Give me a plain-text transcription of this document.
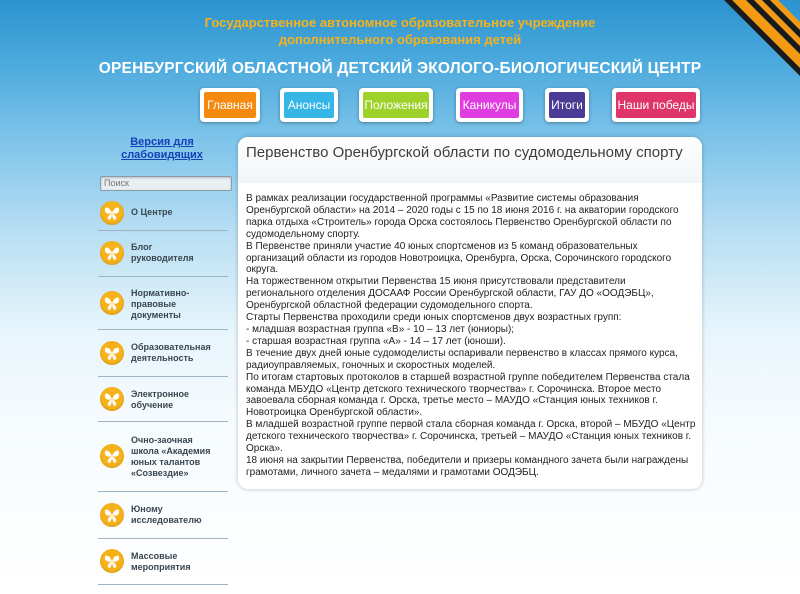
Государственное автономное образовательное учреждение
дополнительного образования детей
ОРЕНБУРГСКИЙ ОБЛАСТНОЙ ДЕТСКИЙ ЭКОЛОГО-БИОЛОГИЧЕСКИЙ ЦЕНТР
Главная	Анонсы	Положения	Каникулы	Итоги	Наши победы
Версия для слабовидящих
Поиск
О Центре
Блог руководителя
Нормативно-правовые документы
Образовательная деятельность
Электронное обучение
Очно-заочная школа «Академия юных талантов «Созвездие»
Юному исследователю
Массовые мероприятия
Первенство Оренбургской области по судомодельному спорту

В рамках реализации государственной программы «Развитие системы образования Оренбургской области» на 2014 – 2020 годы с 15 по 18 июня 2016 г. на акватории городского парка отдыха «Строитель» города Орска состоялось Первенство Оренбургской области по судомодельному спорту.

В Первенстве приняли участие 40 юных спортсменов из 5 команд образовательных организаций области из городов Новотроицка, Оренбурга, Орска, Сорочинского городского округа.

На торжественном открытии Первенства 15 июня присутствовали представители регионального отделения ДОСААФ России Оренбургской области, ГАУ ДО «ООДЭБЦ», Оренбургской областной федерации судомодельного спорта.

Старты Первенства проходили среди юных спортсменов двух возрастных групп:

- младшая возрастная группа «В» - 10 – 13 лет (юниоры);

- старшая возрастная группа «А» - 14 – 17 лет (юноши).

В течение двух дней юные судомоделисты оспаривали первенство в классах прямого курса, радиоуправляемых, гоночных и скоростных моделей.

По итогам стартовых протоколов в старшей возрастной группе победителем Первенства стала команда МБУДО «Центр детского технического творчества» г. Сорочинска. Второе место завоевала сборная команда г. Орска, третье место – МАУДО «Станция юных техников г. Новотроицка Оренбургской области».

В младшей возрастной группе первой стала сборная команда г. Орска, второй – МБУДО «Центр детского технического творчества» г. Сорочинска, третьей – МАУДО «Станция юных техников г. Орска».

18 июня на закрытии Первенства, победители и призеры командного зачета были награждены грамотами, личного зачета – медалями и грамотами ООДЭБЦ.
